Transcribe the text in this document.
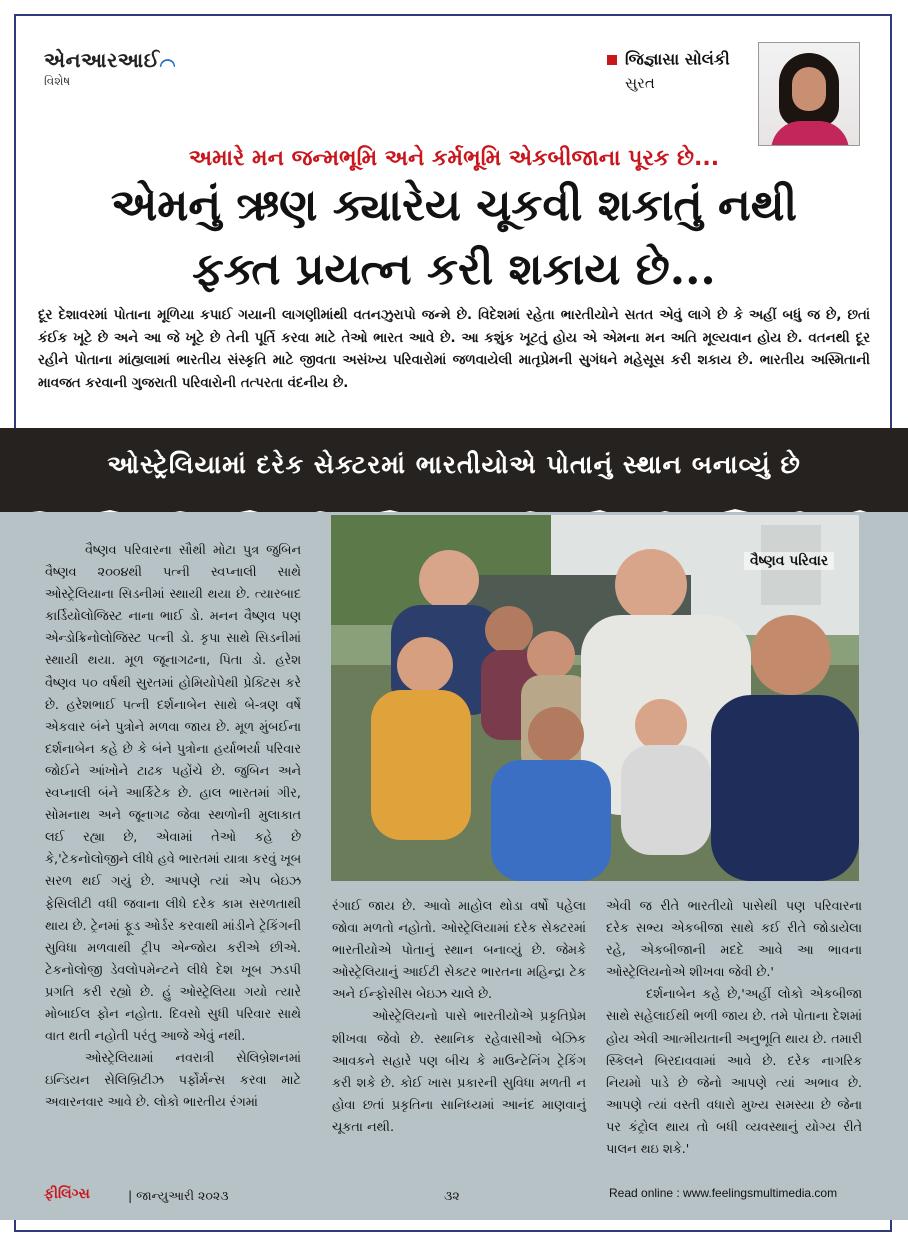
એનઆરઆઈ⌒
વિશેષ
જિજ્ઞાસા સોલંકી
સુરત
અમારે મન જન્મભૂમિ અને કર્મભૂમિ એકબીજાના પૂરક છે...
એમનું ઋણ ક્યારેય ચૂકવી શકાતું નથી
ફક્ત પ્રયત્ન કરી શકાય છે...
દૂર દેશાવરમાં પોતાના મૂળિયા કપાઈ ગયાની લાગણીમાંથી વતનઝુરાપો જન્મે છે. વિદેશમાં રહેતા ભારતીયોને સતત એવું લાગે છે કે અહીં બધું જ છે, છતાં કંઈક ખૂટે છે અને આ જે ખૂટે છે તેની પૂર્તિ કરવા માટે તેઓ ભારત આવે છે. આ કશુંક ખૂટતું હોય એ એમના મન અતિ મૂલ્યવાન હોય છે. વતનથી દૂર રહીને પોતાના માંહ્યલામાં ભારતીય સંસ્કૃતિ માટે જીવતા અસંખ્ય પરિવારોમાં જળવાયેલી માતૃપ્રેમની સુગંધને મહેસૂસ કરી શકાય છે. ભારતીય અસ્મિતાની માવજત કરવાની ગુજરાતી પરિવારોની તત્પરતા વંદનીય છે.
ઓસ્ટ્રેલિયામાં દરેક સેક્ટરમાં ભારતીયોએ પોતાનું સ્થાન બનાવ્યું છે
વૈષ્ણવ પરિવાર

વૈષ્ણવ પરિવારના સૌથી મોટા પુત્ર જુબિન વૈષ્ણવ ૨૦૦૪થી પત્ની સ્વપ્નાલી સાથે ઓસ્ટ્રેલિયાના સિડનીમાં સ્થાયી થયા છે. ત્યારબાદ કાર્ડિયોલોજિસ્ટ નાના ભાઈ ડો. મનન વૈષ્ણવ પણ એન્ડોક્રિનોલોજિસ્ટ પત્ની ડો. કૃપા સાથે સિડનીમાં સ્થાયી થયા. મૂળ જૂનાગઢના, પિતા ડો. હરેશ વૈષ્ણવ ૫૦ વર્ષથી સુરતમાં હોમિયોપેથી પ્રેક્ટિસ કરે છે. હરેશભાઈ પત્ની દર્શનાબેન સાથે બે-ત્રણ વર્ષે એકવાર બંને પુત્રોને મળવા જાય છે. મૂળ મુંબઈના દર્શનાબેન કહે છે કે બંને પુત્રોના હર્યાભર્યા પરિવાર જોઈને આંખોને ટાઢક પહોંચે છે. જુબિન અને સ્વપ્નાલી બંને આર્કિટેક છે. હાલ ભારતમાં ગીર, સોમનાથ અને જૂનાગઢ જેવા સ્થળોની મુલાકાત લઈ રહ્યા છે, એવામાં તેઓ કહે છે કે,'ટેકનોલોજીને લીધે હવે ભારતમાં યાત્રા કરવું ખૂબ સરળ થઈ ગયું છે. આપણે ત્યાં એપ બેઇઝ ફેસિલીટી વધી જવાના લીધે દરેક કામ સરળતાથી થાય છે. ટ્રેનમાં ફૂડ ઓર્ડર કરવાથી માંડીને ટ્રેકિંગની સુવિધા મળવાથી ટ્રીપ એન્જોય કરીએ છીએ. ટેકનોલોજી ડેવલોપમેન્ટને લીધે દેશ ખૂબ ઝડપી પ્રગતિ કરી રહ્યો છે. હું ઓસ્ટ્રેલિયા ગયો ત્યારે મોબાઈલ ફોન નહોતા. દિવસો સુધી પરિવાર સાથે વાત થતી નહોતી પરંતુ આજે એવું નથી.

ઓસ્ટ્રેલિયામાં નવરાત્રી સેલિબ્રેશનમાં ઇન્ડિયન સેલિબ્રિટીઝ પર્ફોર્મન્સ કરવા માટે અવારનવાર આવે છે. લોકો ભારતીય રંગમાં

રંગાઈ જાય છે. આવો માહોલ થોડા વર્ષો પહેલા જોવા મળતો નહોતો. ઓસ્ટ્રેલિયામાં દરેક સેક્ટરમાં ભારતીયોએ પોતાનું સ્થાન બનાવ્યું છે. જેમકે ઓસ્ટ્રેલિયાનું આઈટી સેક્ટર ભારતના મહિન્દ્રા ટેક અને ઈન્ફોસીસ બેઇઝ ચાલે છે.

ઓસ્ટ્રેલિયનો પાસે ભારતીયોએ પ્રકૃતિપ્રેમ શીખવા જેવો છે. સ્થાનિક રહેવાસીઓ બેઝિક આવકને સહારે પણ બીચ કે માઉન્ટેનિંગ ટ્રેકિંગ કરી શકે છે. કોઈ ખાસ પ્રકારની સુવિધા મળતી ન હોવા છતાં પ્રકૃતિના સાનિધ્યમાં આનંદ માણવાનું ચૂકતા નથી.

એવી જ રીતે ભારતીયો પાસેથી પણ પરિવારના દરેક સભ્ય એકબીજા સાથે કઈ રીતે જોડાયેલા રહે, એકબીજાની મદદે આવે આ ભાવના ઓસ્ટ્રેલિયનોએ શીખવા જેવી છે.'

દર્શનાબેન કહે છે,'અહીં લોકો એકબીજા સાથે સહેલાઈથી ભળી જાય છે. તમે પોતાના દેશમાં હોય એવી આત્મીયતાની અનુભૂતિ થાય છે. તમારી સ્કિલને બિરદાવવામાં આવે છે. દરેક નાગરિક નિયમો પાડે છે જેનો આપણે ત્યાં અભાવ છે. આપણે ત્યાં વસ્તી વધારો મુખ્ય સમસ્યા છે જેના પર કંટ્રોલ થાય તો બધી વ્યવસ્થાનું યોગ્ય રીતે પાલન થઇ શકે.'

ફીલિંગ્સ	| જાન્યુઆરી ૨૦૨૩	૩૨	Read online : www.feelingsmultimedia.com
